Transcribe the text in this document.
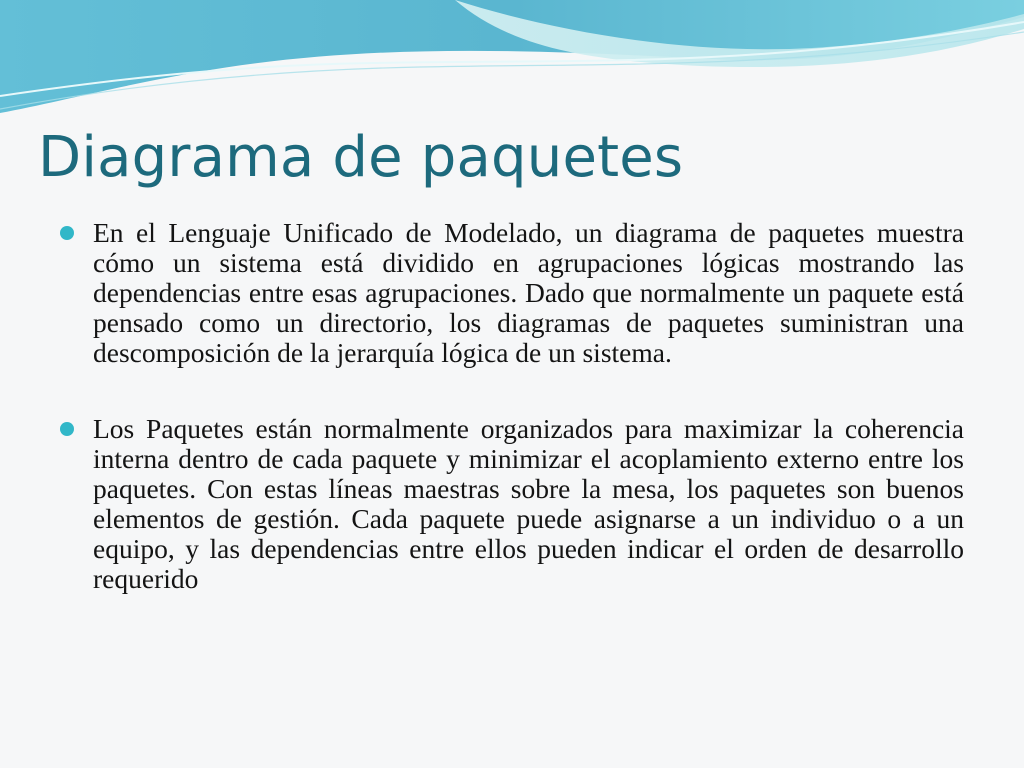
Diagrama de paquetes
En el Lenguaje Unificado de Modelado, un diagrama de paquetes muestra cómo un sistema está dividido en agrupaciones lógicas mostrando las dependencias entre esas agrupaciones. Dado que normalmente un paquete está pensado como un directorio, los diagramas de paquetes suministran una descomposición de la jerarquía lógica de un sistema.
Los Paquetes están normalmente organizados para maximizar la coherencia interna dentro de cada paquete y minimizar el acoplamiento externo entre los paquetes. Con estas líneas maestras sobre la mesa, los paquetes son buenos elementos de gestión. Cada paquete puede asignarse a un individuo o a un equipo, y las dependencias entre ellos pueden indicar el orden de desarrollo requerido
